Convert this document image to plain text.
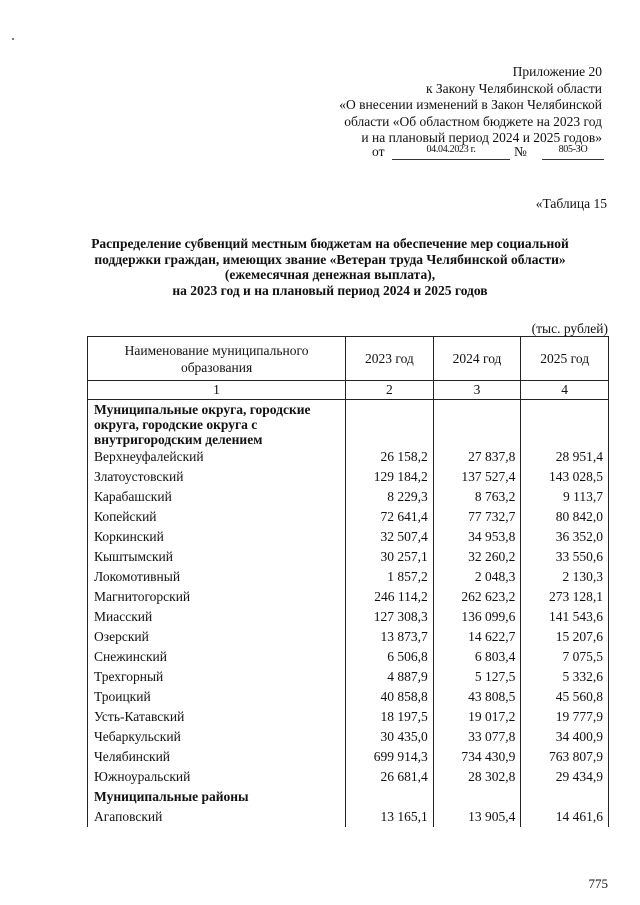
Приложение 20
к Закону Челябинской области
«О внесении изменений в Закон Челябинской
области «Об областном бюджете на 2023 год
и на плановый период 2024 и 2025 годов»
от	04.04.2023 г.	№	805-ЗО
«Таблица 15
Распределение субвенций местным бюджетам на обеспечение мер социальной
поддержки граждан, имеющих звание «Ветеран труда Челябинской области»
(ежемесячная денежная выплата),
на 2023 год и на плановый период 2024 и 2025 годов
(тыс. рублей)
Наименование муниципального
образования	2023 год	2024 год	2025 год
1	2	3	4
Муниципальные округа, городские округа, городские округа с внутригородским делением			
Верхнеуфалейский	26 158,2	27 837,8	28 951,4
Златоустовский	129 184,2	137 527,4	143 028,5
Карабашский	8 229,3	8 763,2	9 113,7
Копейский	72 641,4	77 732,7	80 842,0
Коркинский	32 507,4	34 953,8	36 352,0
Кыштымский	30 257,1	32 260,2	33 550,6
Локомотивный	1 857,2	2 048,3	2 130,3
Магнитогорский	246 114,2	262 623,2	273 128,1
Миасский	127 308,3	136 099,6	141 543,6
Озерский	13 873,7	14 622,7	15 207,6
Снежинский	6 506,8	6 803,4	7 075,5
Трехгорный	4 887,9	5 127,5	5 332,6
Троицкий	40 858,8	43 808,5	45 560,8
Усть-Катавский	18 197,5	19 017,2	19 777,9
Чебаркульский	30 435,0	33 077,8	34 400,9
Челябинский	699 914,3	734 430,9	763 807,9
Южноуральский	26 681,4	28 302,8	29 434,9
Муниципальные районы			
Агаповский	13 165,1	13 905,4	14 461,6
775
